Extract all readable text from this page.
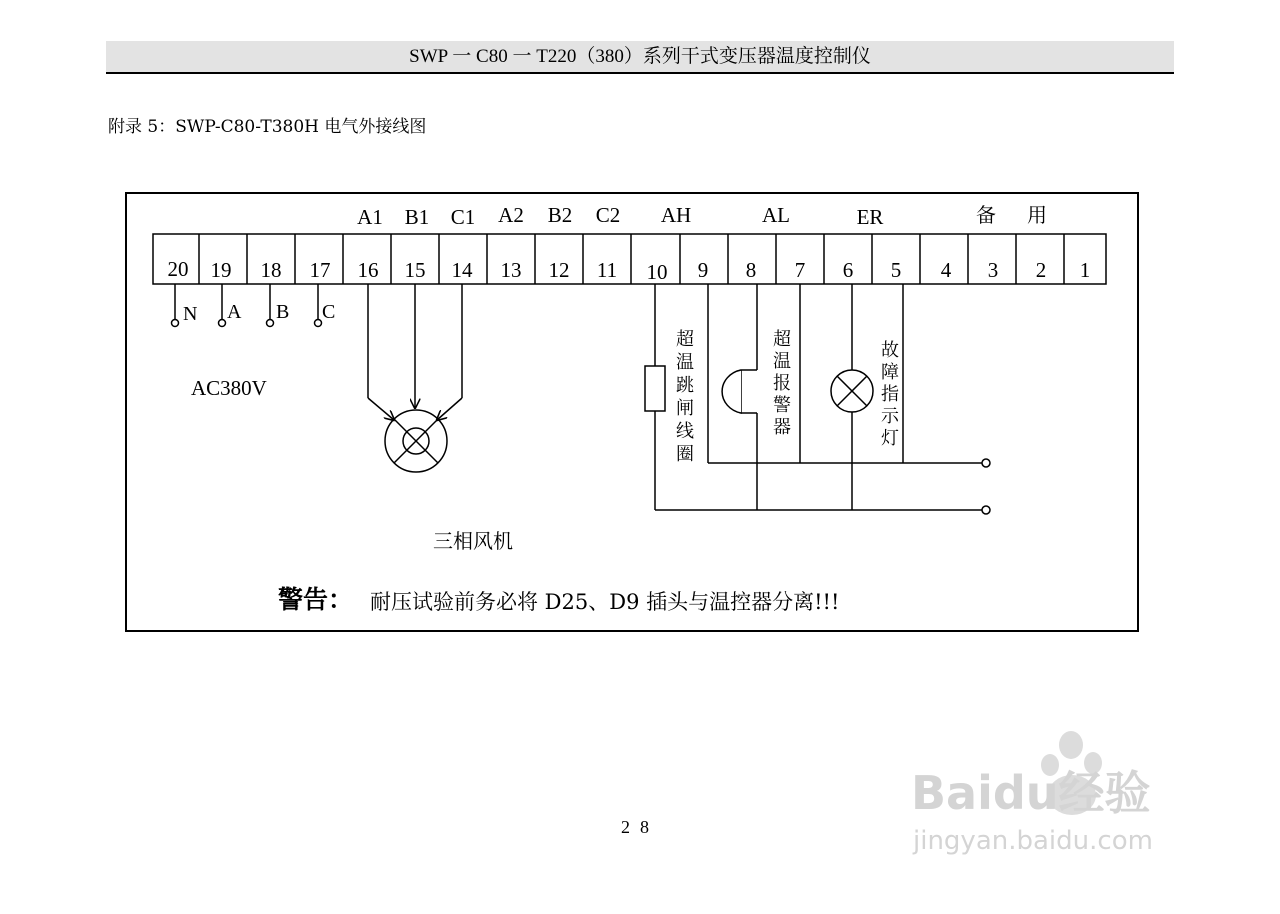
SWP 一 C80 一 T220（380）系列干式变压器温度控制仪
附录 5：SWP-C80-T380H 电气外接线图
A1 B1 C1 A2 B2 C2 AH	AL	ER	备 用
20 19 18 17 16 15 14 13 12 11 10 9 8 7 6 5 4 3 2 1
N A B C
AC380V
三相风机
超温跳闸线圈
超温报警器
故障指示灯
警告： 耐压试验前务必将 D25、D9 插头与温控器分离!!!
28
Baidu经验
jingyan.baidu.com
